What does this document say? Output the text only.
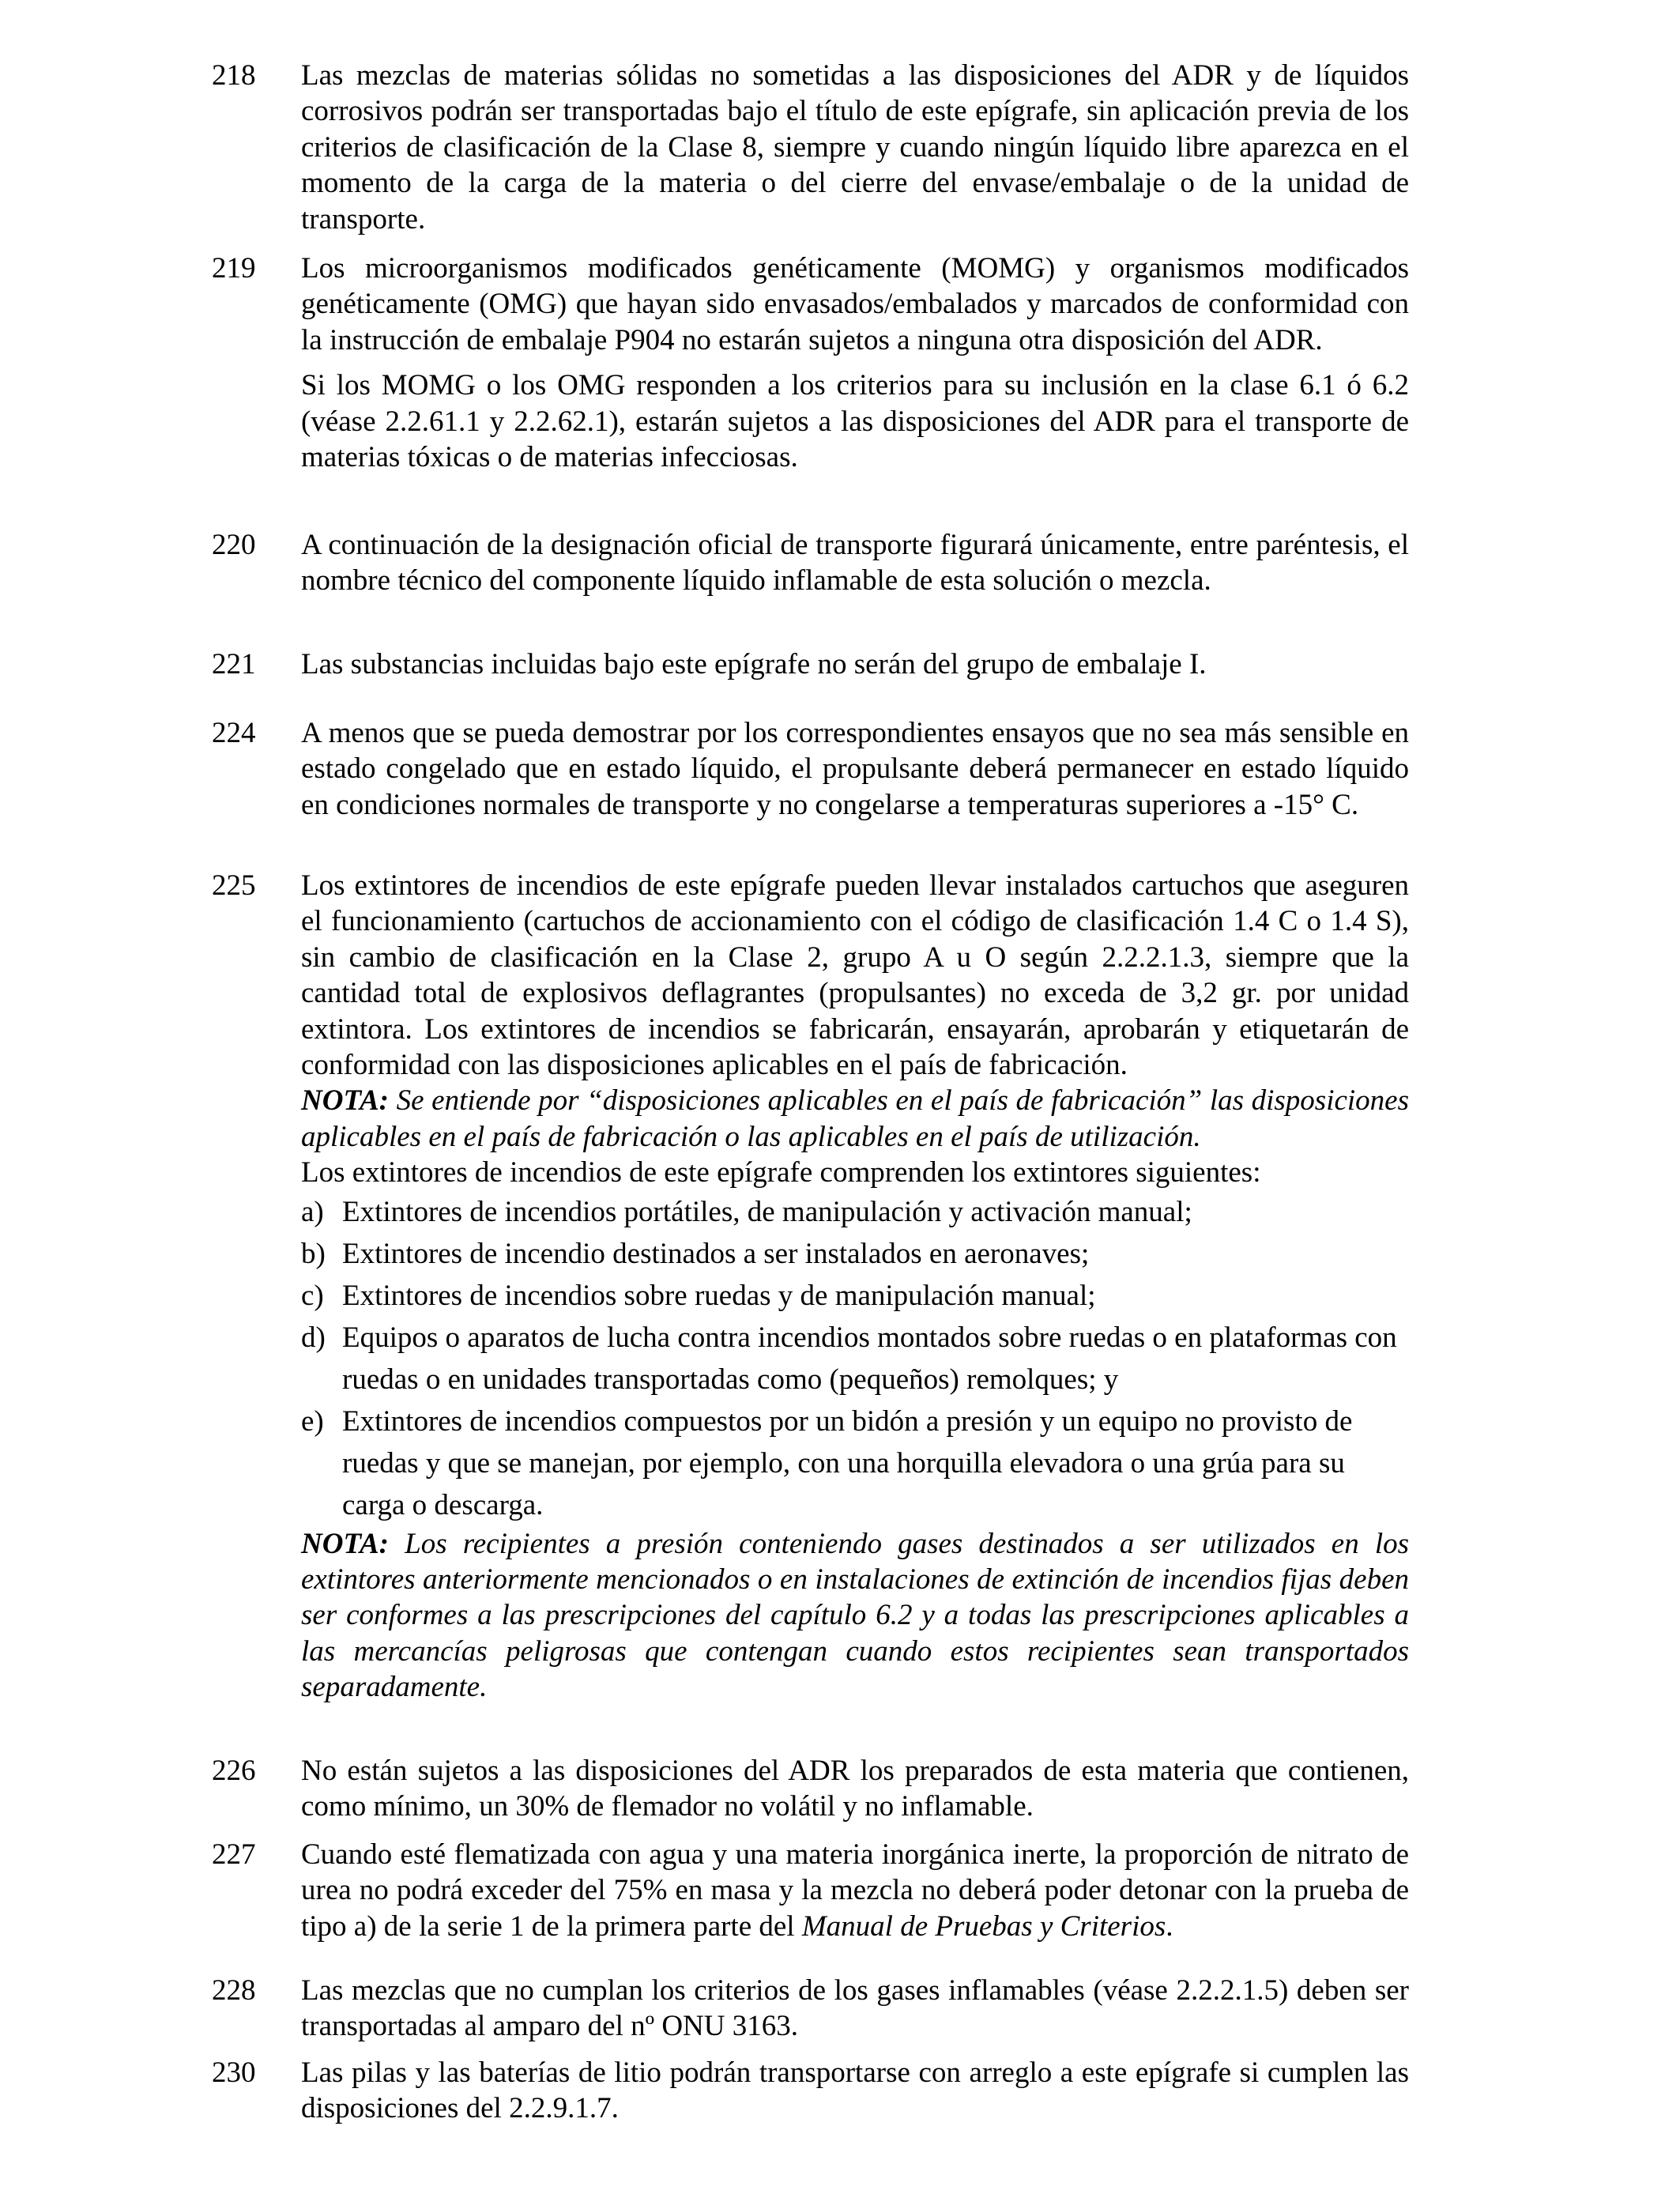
218	Las mezclas de materias sólidas no sometidas a las disposiciones del ADR y de líquidos corrosivos podrán ser transportadas bajo el título de este epígrafe, sin aplicación previa de los criterios de clasificación de la Clase 8, siempre y cuando ningún líquido libre aparezca en el momento de la carga de la materia o del cierre del envase/embalaje o de la unidad de transporte.

219	Los microorganismos modificados genéticamente (MOMG) y organismos modificados genéticamente (OMG) que hayan sido envasados/embalados y marcados de conformidad con la instrucción de embalaje P904 no estarán sujetos a ninguna otra disposición del ADR.

Si los MOMG o los OMG responden a los criterios para su inclusión en la clase 6.1 ó 6.2 (véase 2.2.61.1 y 2.2.62.1), estarán sujetos a las disposiciones del ADR para el transporte de materias tóxicas o de materias infecciosas.

220	A continuación de la designación oficial de transporte figurará únicamente, entre paréntesis, el nombre técnico del componente líquido inflamable de esta solución o mezcla.

221	Las substancias incluidas bajo este epígrafe no serán del grupo de embalaje I.

224	A menos que se pueda demostrar por los correspondientes ensayos que no sea más sensible en estado congelado que en estado líquido, el propulsante deberá permanecer en estado líquido en condiciones normales de transporte y no congelarse a temperaturas superiores a -15° C.

225	Los extintores de incendios de este epígrafe pueden llevar instalados cartuchos que aseguren el funcionamiento (cartuchos de accionamiento con el código de clasificación 1.4 C o 1.4 S), sin cambio de clasificación en la Clase 2, grupo A u O según 2.2.2.1.3, siempre que la cantidad total de explosivos deflagrantes (propulsantes) no exceda de 3,2 gr. por unidad extintora. Los extintores de incendios se fabricarán, ensayarán, aprobarán y etiquetarán de conformidad con las disposiciones aplicables en el país de fabricación.

NOTA: Se entiende por “disposiciones aplicables en el país de fabricación” las disposiciones aplicables en el país de fabricación o las aplicables en el país de utilización.

Los extintores de incendios de este epígrafe comprenden los extintores siguientes:

a) Extintores de incendios portátiles, de manipulación y activación manual;
b) Extintores de incendio destinados a ser instalados en aeronaves;
c) Extintores de incendios sobre ruedas y de manipulación manual;
d) Equipos o aparatos de lucha contra incendios montados sobre ruedas o en plataformas con ruedas o en unidades transportadas como (pequeños) remolques; y
e) Extintores de incendios compuestos por un bidón a presión y un equipo no provisto de ruedas y que se manejan, por ejemplo, con una horquilla elevadora o una grúa para su carga o descarga.

NOTA: Los recipientes a presión conteniendo gases destinados a ser utilizados en los extintores anteriormente mencionados o en instalaciones de extinción de incendios fijas deben ser conformes a las prescripciones del capítulo 6.2 y a todas las prescripciones aplicables a las mercancías peligrosas que contengan cuando estos recipientes sean transportados separadamente.

226	No están sujetos a las disposiciones del ADR los preparados de esta materia que contienen, como mínimo, un 30% de flemador no volátil y no inflamable.

227	Cuando esté flematizada con agua y una materia inorgánica inerte, la proporción de nitrato de urea no podrá exceder del 75% en masa y la mezcla no deberá poder detonar con la prueba de tipo a) de la serie 1 de la primera parte del Manual de Pruebas y Criterios.

228	Las mezclas que no cumplan los criterios de los gases inflamables (véase 2.2.2.1.5) deben ser transportadas al amparo del nº ONU 3163.

230	Las pilas y las baterías de litio podrán transportarse con arreglo a este epígrafe si cumplen las disposiciones del 2.2.9.1.7.
